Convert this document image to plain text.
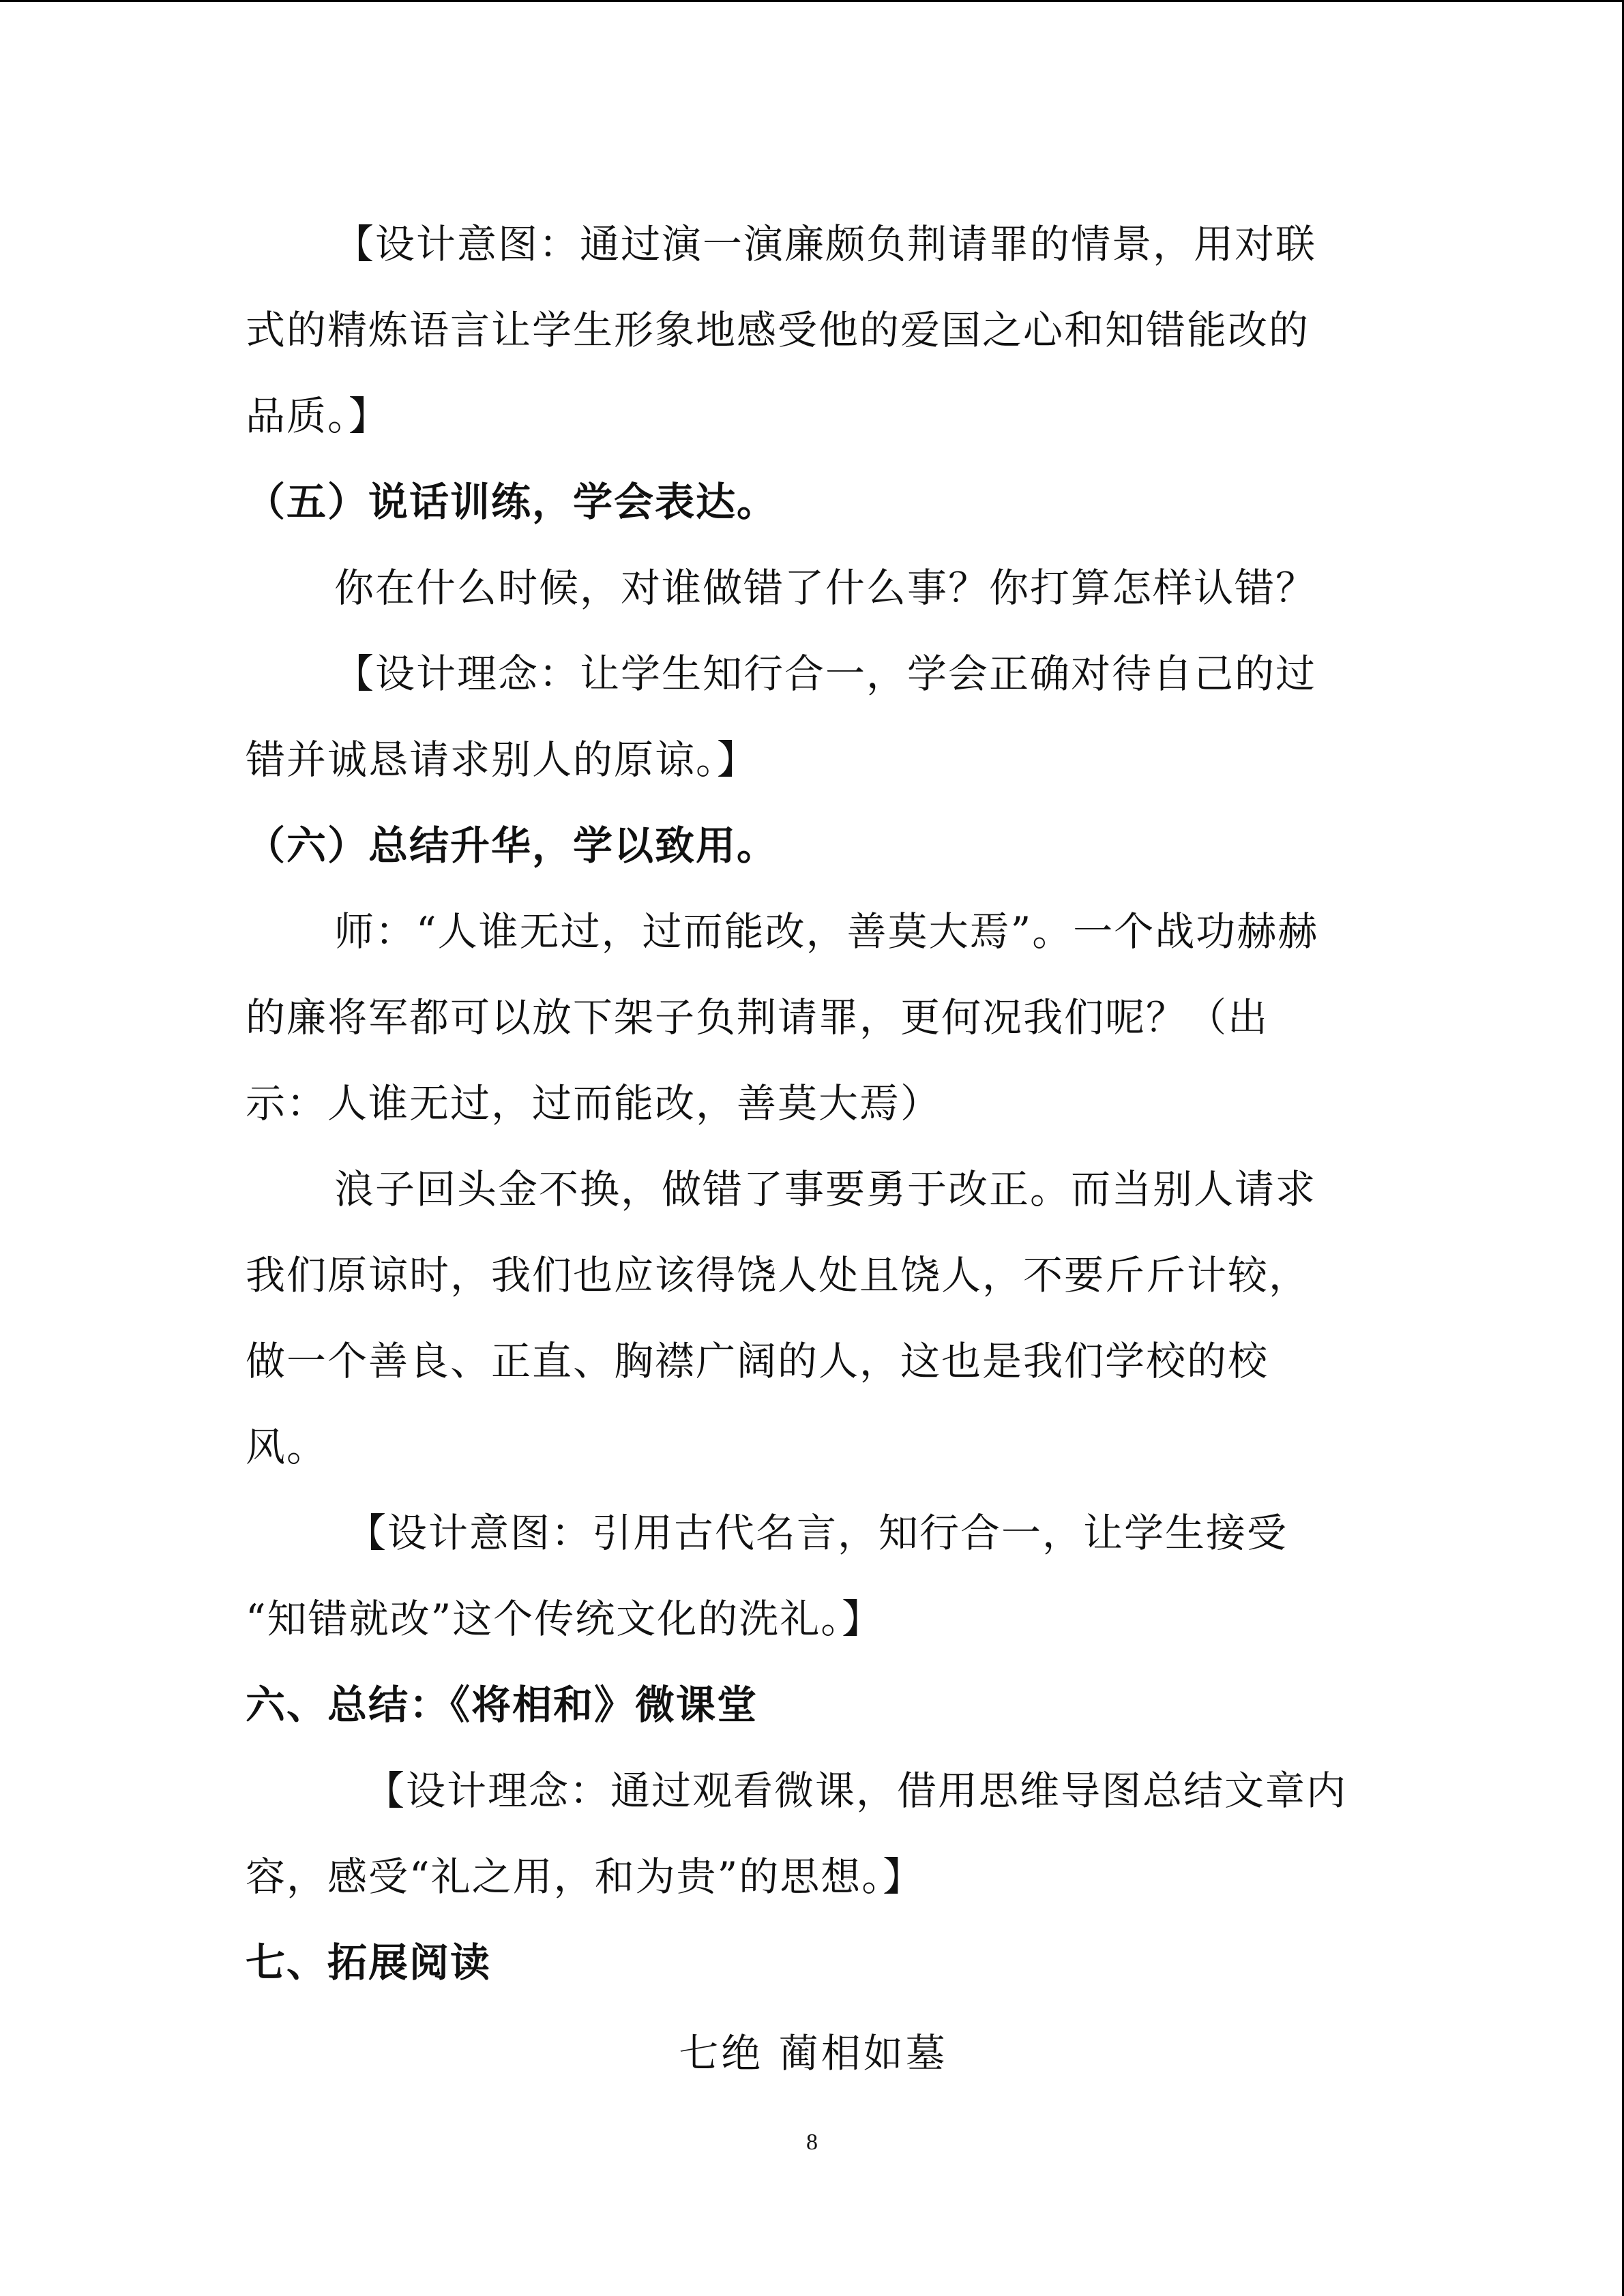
【设计意图：通过演一演廉颇负荆请罪的情景，用对联
式的精炼语言让学生形象地感受他的爱国之心和知错能改的
品质。】
（五）说话训练，学会表达。
你在什么时候，对谁做错了什么事？你打算怎样认错？
【设计理念：让学生知行合一，学会正确对待自己的过
错并诚恳请求别人的原谅。】
（六）总结升华，学以致用。
师：“人谁无过，过而能改，善莫大焉”。一个战功赫赫
的廉将军都可以放下架子负荆请罪，更何况我们呢？（出
示：人谁无过，过而能改，善莫大焉）
浪子回头金不换，做错了事要勇于改正。而当别人请求
我们原谅时，我们也应该得饶人处且饶人，不要斤斤计较，
做一个善良、正直、胸襟广阔的人，这也是我们学校的校
风。
【设计意图：引用古代名言，知行合一，让学生接受
“知错就改”这个传统文化的洗礼。】
六、总结：《将相和》微课堂
【设计理念：通过观看微课，借用思维导图总结文章内
容，感受“礼之用，和为贵”的思想。】
七、拓展阅读
七绝 蔺相如墓
8
